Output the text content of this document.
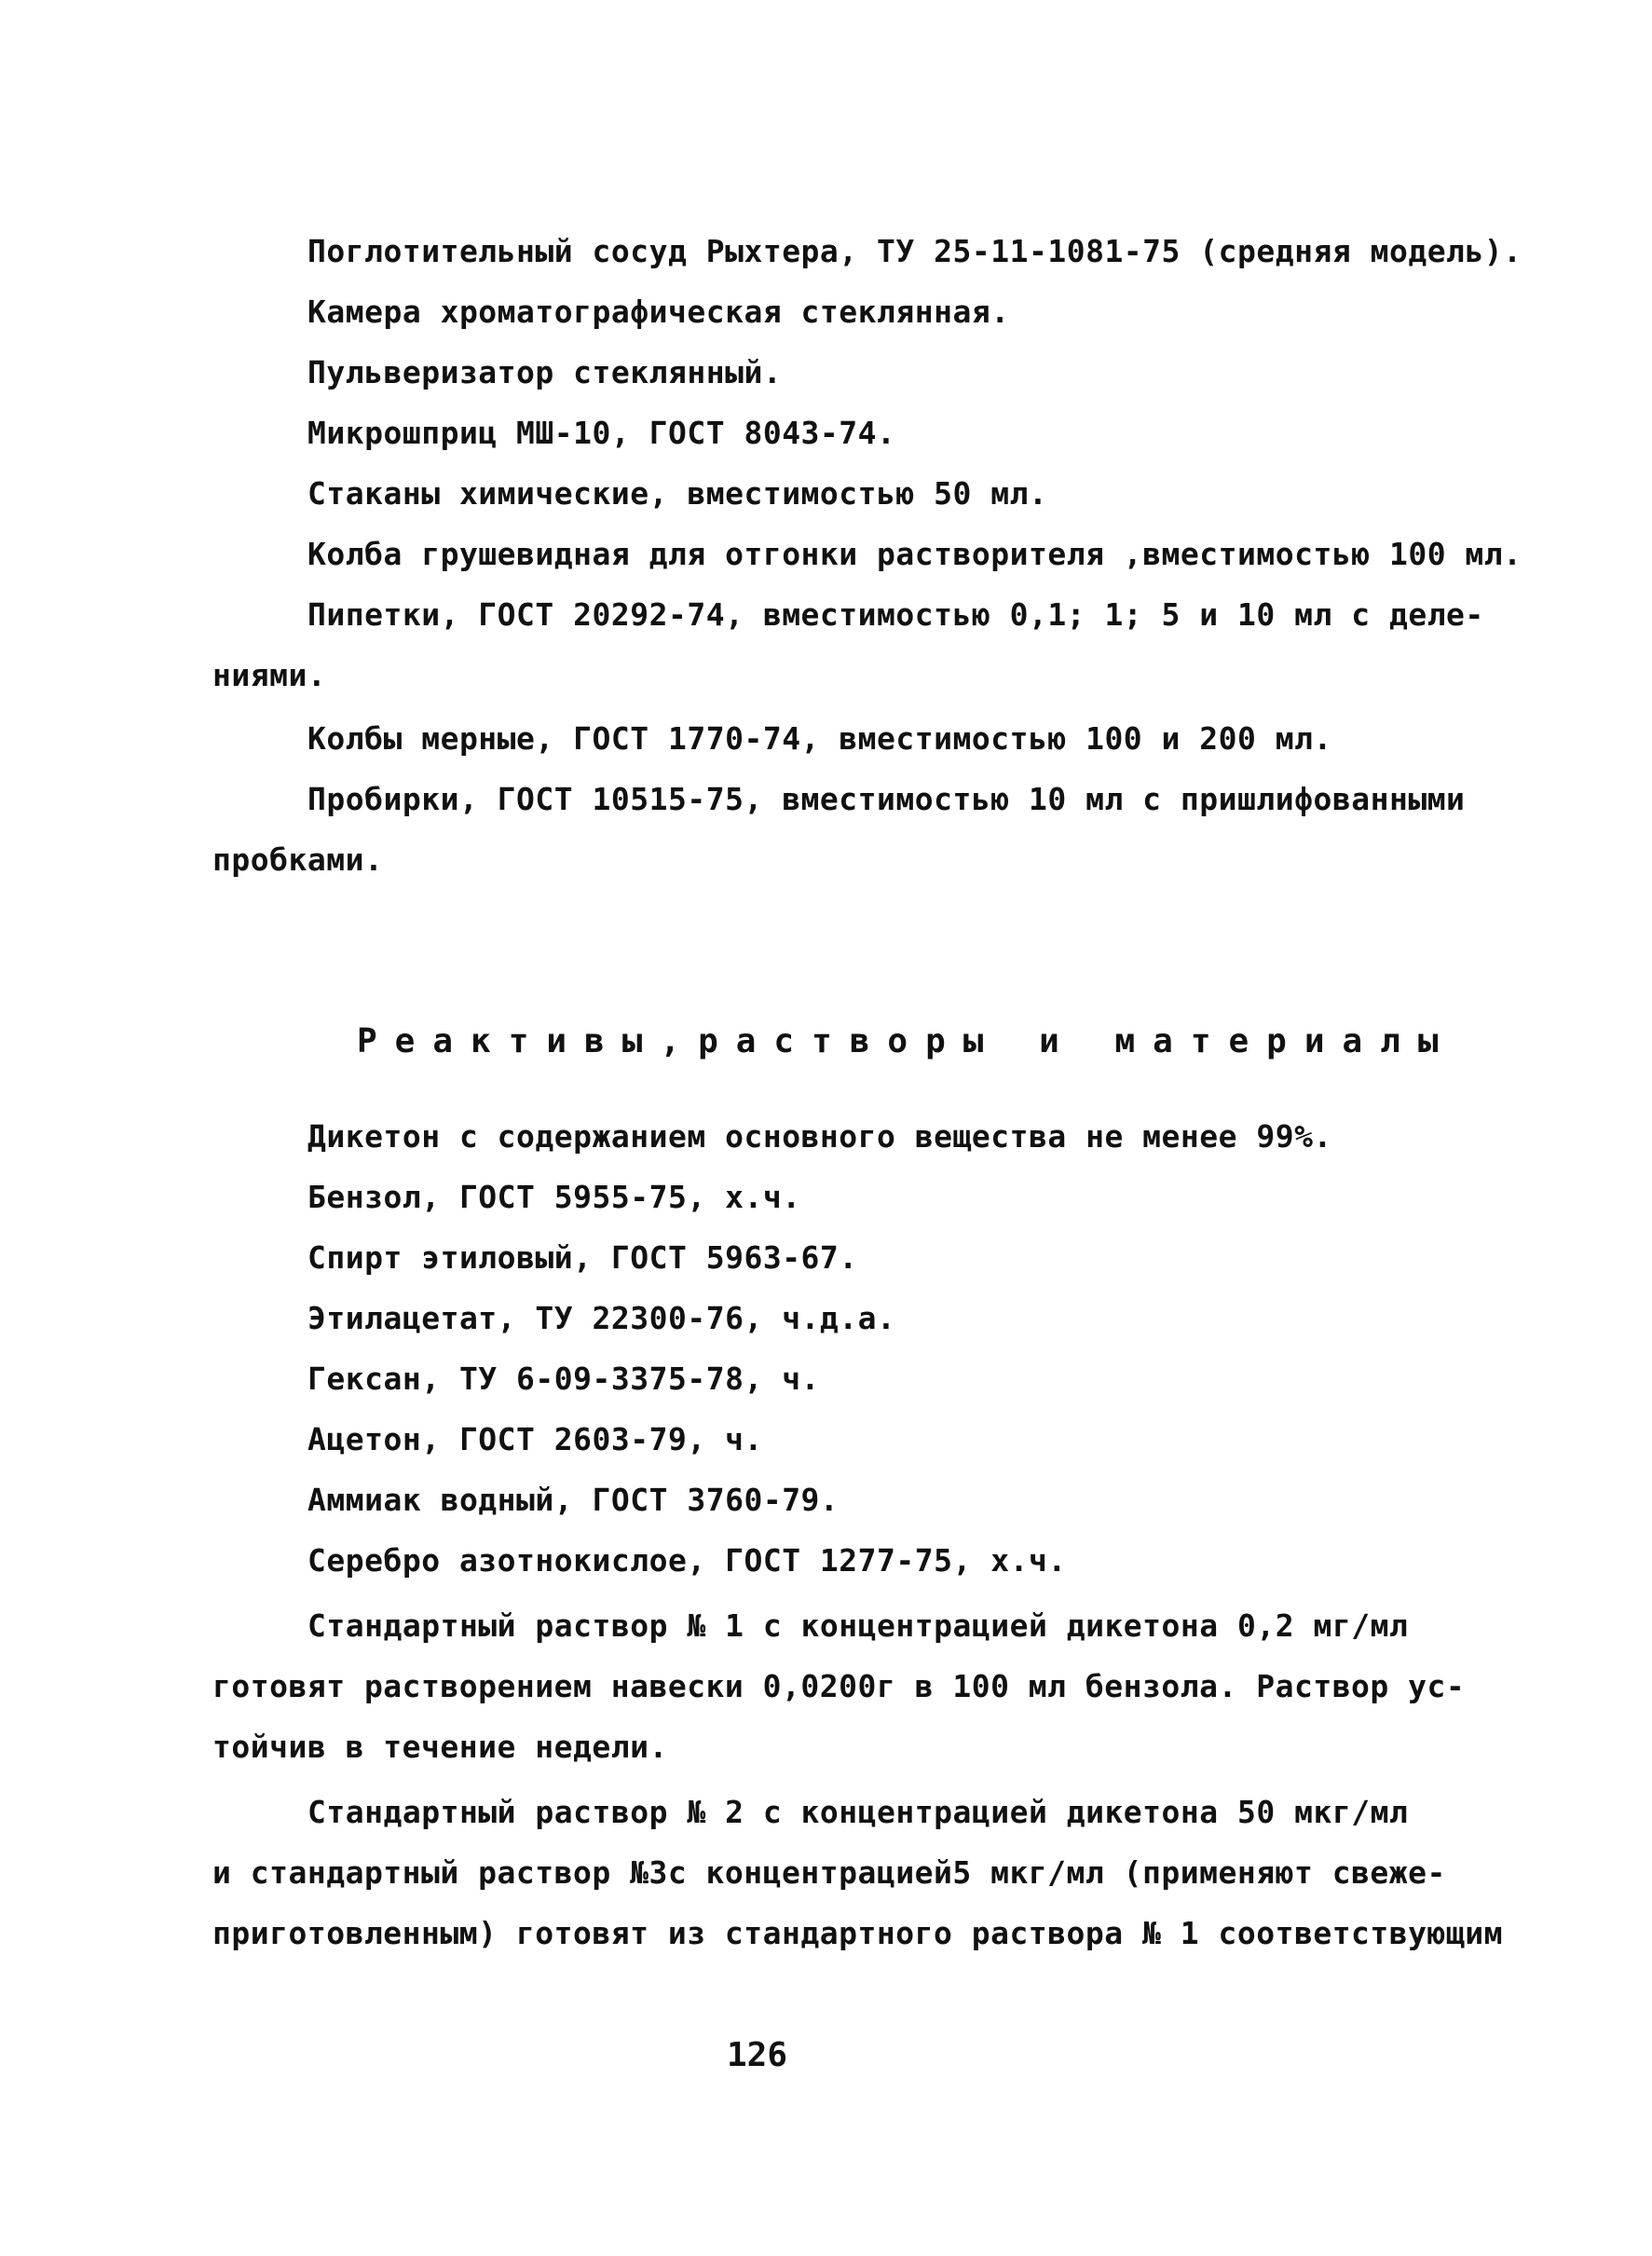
Поглотительный сосуд Рыхтера, ТУ 25-11-1081-75 (средняя модель).
Камера хроматографическая стеклянная.
Пульверизатор стеклянный.
Микрошприц МШ-10, ГОСТ 8043-74.
Стаканы химические, вместимостью 50 мл.
Колба грушевидная для отгонки растворителя ,вместимостью 100 мл.
Пипетки, ГОСТ 20292-74, вместимостью 0,1; 1; 5 и 10 мл с деле-
ниями.
Колбы мерные, ГОСТ 1770-74, вместимостью 100 и 200 мл.
Пробирки, ГОСТ 10515-75, вместимостью 10 мл с пришлифованными
пробками.
Реактивы,растворы и материалы
Дикетон с содержанием основного вещества не менее 99%.
Бензол, ГОСТ 5955-75, х.ч.
Спирт этиловый, ГОСТ 5963-67.
Этилацетат, ТУ 22300-76, ч.д.а.
Гексан, ТУ 6-09-3375-78, ч.
Ацетон, ГОСТ 2603-79, ч.
Аммиак водный, ГОСТ 3760-79.
Серебро азотнокислое, ГОСТ 1277-75, х.ч.
Стандартный раствор № 1 с концентрацией дикетона 0,2 мг/мл
готовят растворением навески 0,0200г в 100 мл бензола. Раствор ус-
тойчив в течение недели.
Стандартный раствор № 2 с концентрацией дикетона 50 мкг/мл
и стандартный раствор №3с концентрацией5 мкг/мл (применяют свеже-
приготовленным) готовят из стандартного раствора № 1 соответствующим
126
